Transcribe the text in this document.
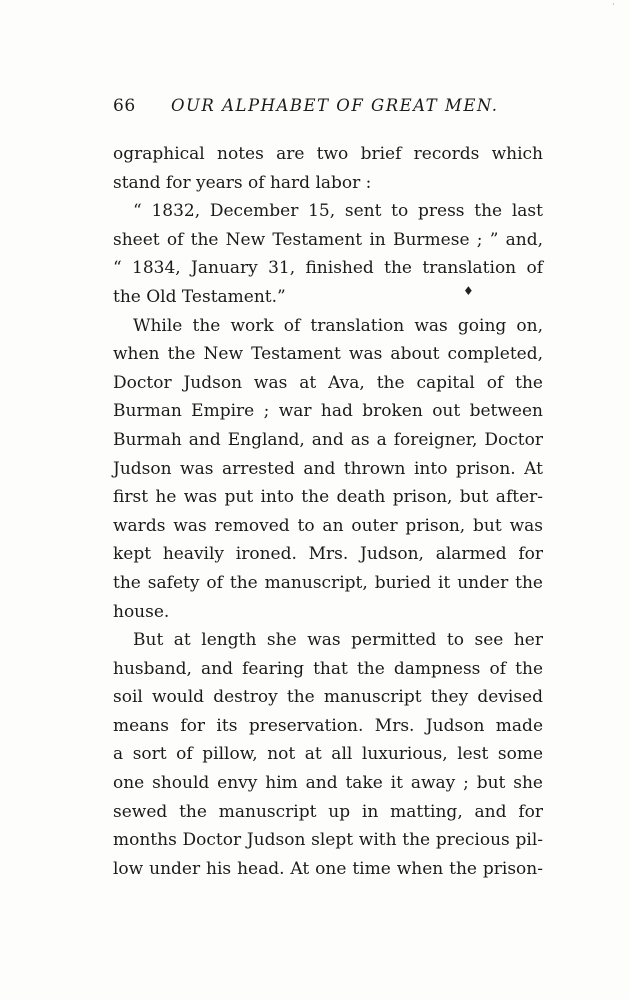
·
66 OUR ALPHABET OF GREAT MEN.
♦
ographical notes are two brief records which
stand for years of hard labor :
“ 1832, December 15, sent to press the last
sheet of the New Testament in Burmese ; ” and,
“ 1834, January 31, finished the translation of
the Old Testament.”
While the work of translation was going on,
when the New Testament was about completed,
Doctor Judson was at Ava, the capital of the
Burman Empire ; war had broken out between
Burmah and England, and as a foreigner, Doctor
Judson was arrested and thrown into prison. At
first he was put into the death prison, but after-
wards was removed to an outer prison, but was
kept heavily ironed. Mrs. Judson, alarmed for
the safety of the manuscript, buried it under the
house.
But at length she was permitted to see her
husband, and fearing that the dampness of the
soil would destroy the manuscript they devised
means for its preservation. Mrs. Judson made
a sort of pillow, not at all luxurious, lest some
one should envy him and take it away ; but she
sewed the manuscript up in matting, and for
months Doctor Judson slept with the precious pil-
low under his head. At one time when the prison-
